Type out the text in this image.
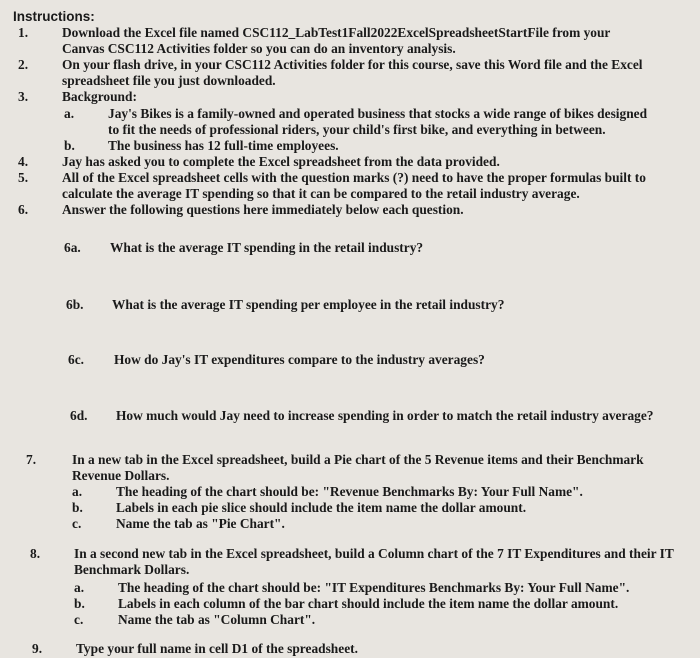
Instructions:
1.	Download the Excel file named CSC112_LabTest1Fall2022ExcelSpreadsheetStartFile from your
Canvas CSC112 Activities folder so you can do an inventory analysis.
2.	On your flash drive, in your CSC112 Activities folder for this course, save this Word file and the Excel
spreadsheet file you just downloaded.
3.	Background:
a.	Jay's Bikes is a family-owned and operated business that stocks a wide range of bikes designed
to fit the needs of professional riders, your child's first bike, and everything in between.
b. The business has 12 full-time employees.
4.	Jay has asked you to complete the Excel spreadsheet from the data provided.
5.	All of the Excel spreadsheet cells with the question marks (?) need to have the proper formulas built to
calculate the average IT spending so that it can be compared to the retail industry average.
6.	Answer the following questions here immediately below each question.
6a. What is the average IT spending in the retail industry?
6b. What is the average IT spending per employee in the retail industry?
6c. How do Jay's IT expenditures compare to the industry averages?
6d. How much would Jay need to increase spending in order to match the retail industry average?
7.	In a new tab in the Excel spreadsheet, build a Pie chart of the 5 Revenue items and their Benchmark
Revenue Dollars.
a.	The heading of the chart should be: "Revenue Benchmarks By: Your Full Name".
b. Labels in each pie slice should include the item name the dollar amount.
c.	Name the tab as "Pie Chart".
8.	In a second new tab in the Excel spreadsheet, build a Column chart of the 7 IT Expenditures and their IT
Benchmark Dollars.
a.	The heading of the chart should be: "IT Expenditures Benchmarks By: Your Full Name".
b. Labels in each column of the bar chart should include the item name the dollar amount.
c.	Name the tab as "Column Chart".
9.	Type your full name in cell D1 of the spreadsheet.
